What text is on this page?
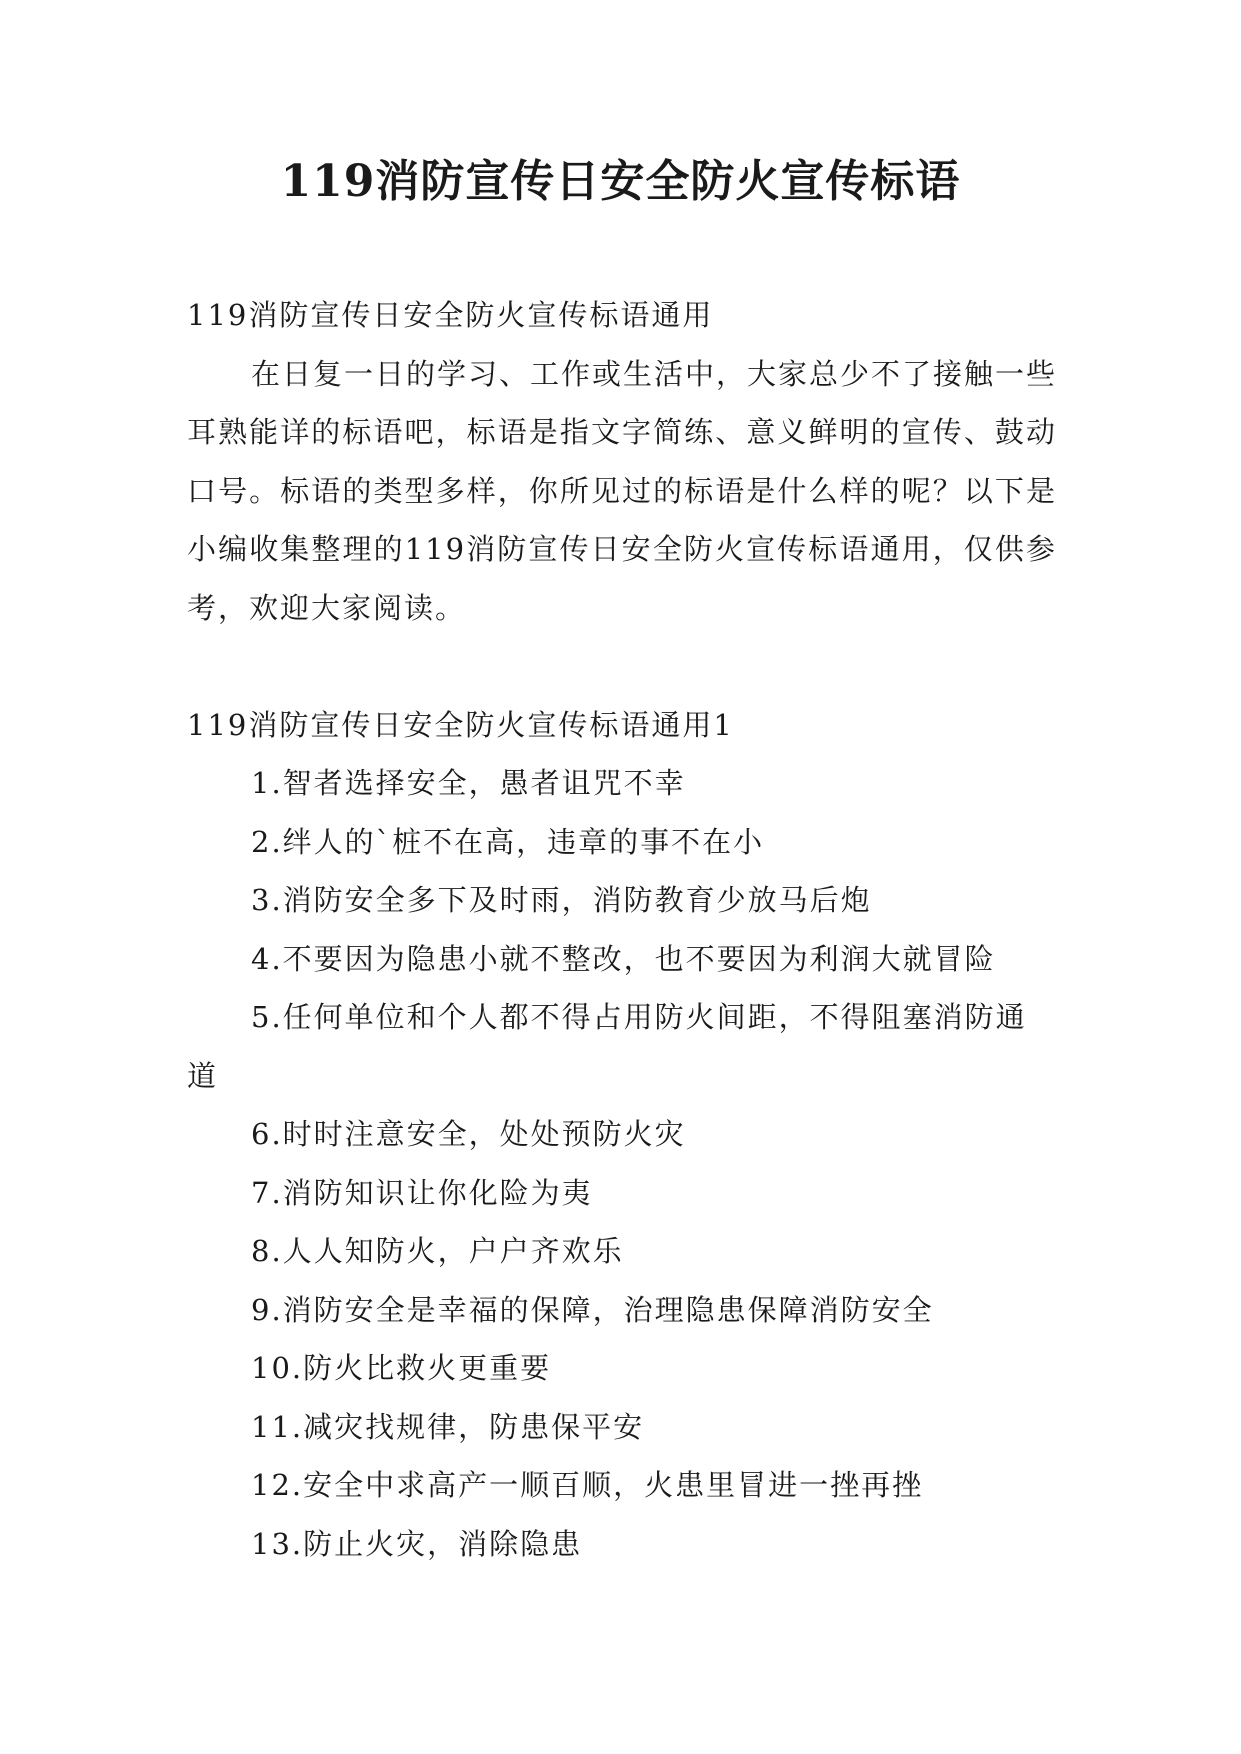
119消防宣传日安全防火宣传标语

119消防宣传日安全防火宣传标语通用

在日复一日的学习、工作或生活中，大家总少不了接触一些耳熟能详的标语吧，标语是指文字简练、意义鲜明的宣传、鼓动口号。标语的类型多样，你所见过的标语是什么样的呢？以下是小编收集整理的119消防宣传日安全防火宣传标语通用，仅供参考，欢迎大家阅读。

119消防宣传日安全防火宣传标语通用1

1.智者选择安全，愚者诅咒不幸
2.绊人的`桩不在高，违章的事不在小
3.消防安全多下及时雨，消防教育少放马后炮
4.不要因为隐患小就不整改，也不要因为利润大就冒险
5.任何单位和个人都不得占用防火间距，不得阻塞消防通道
6.时时注意安全，处处预防火灾
7.消防知识让你化险为夷
8.人人知防火，户户齐欢乐
9.消防安全是幸福的保障，治理隐患保障消防安全
10.防火比救火更重要
11.减灾找规律，防患保平安
12.安全中求高产一顺百顺，火患里冒进一挫再挫
13.防止火灾，消除隐患
